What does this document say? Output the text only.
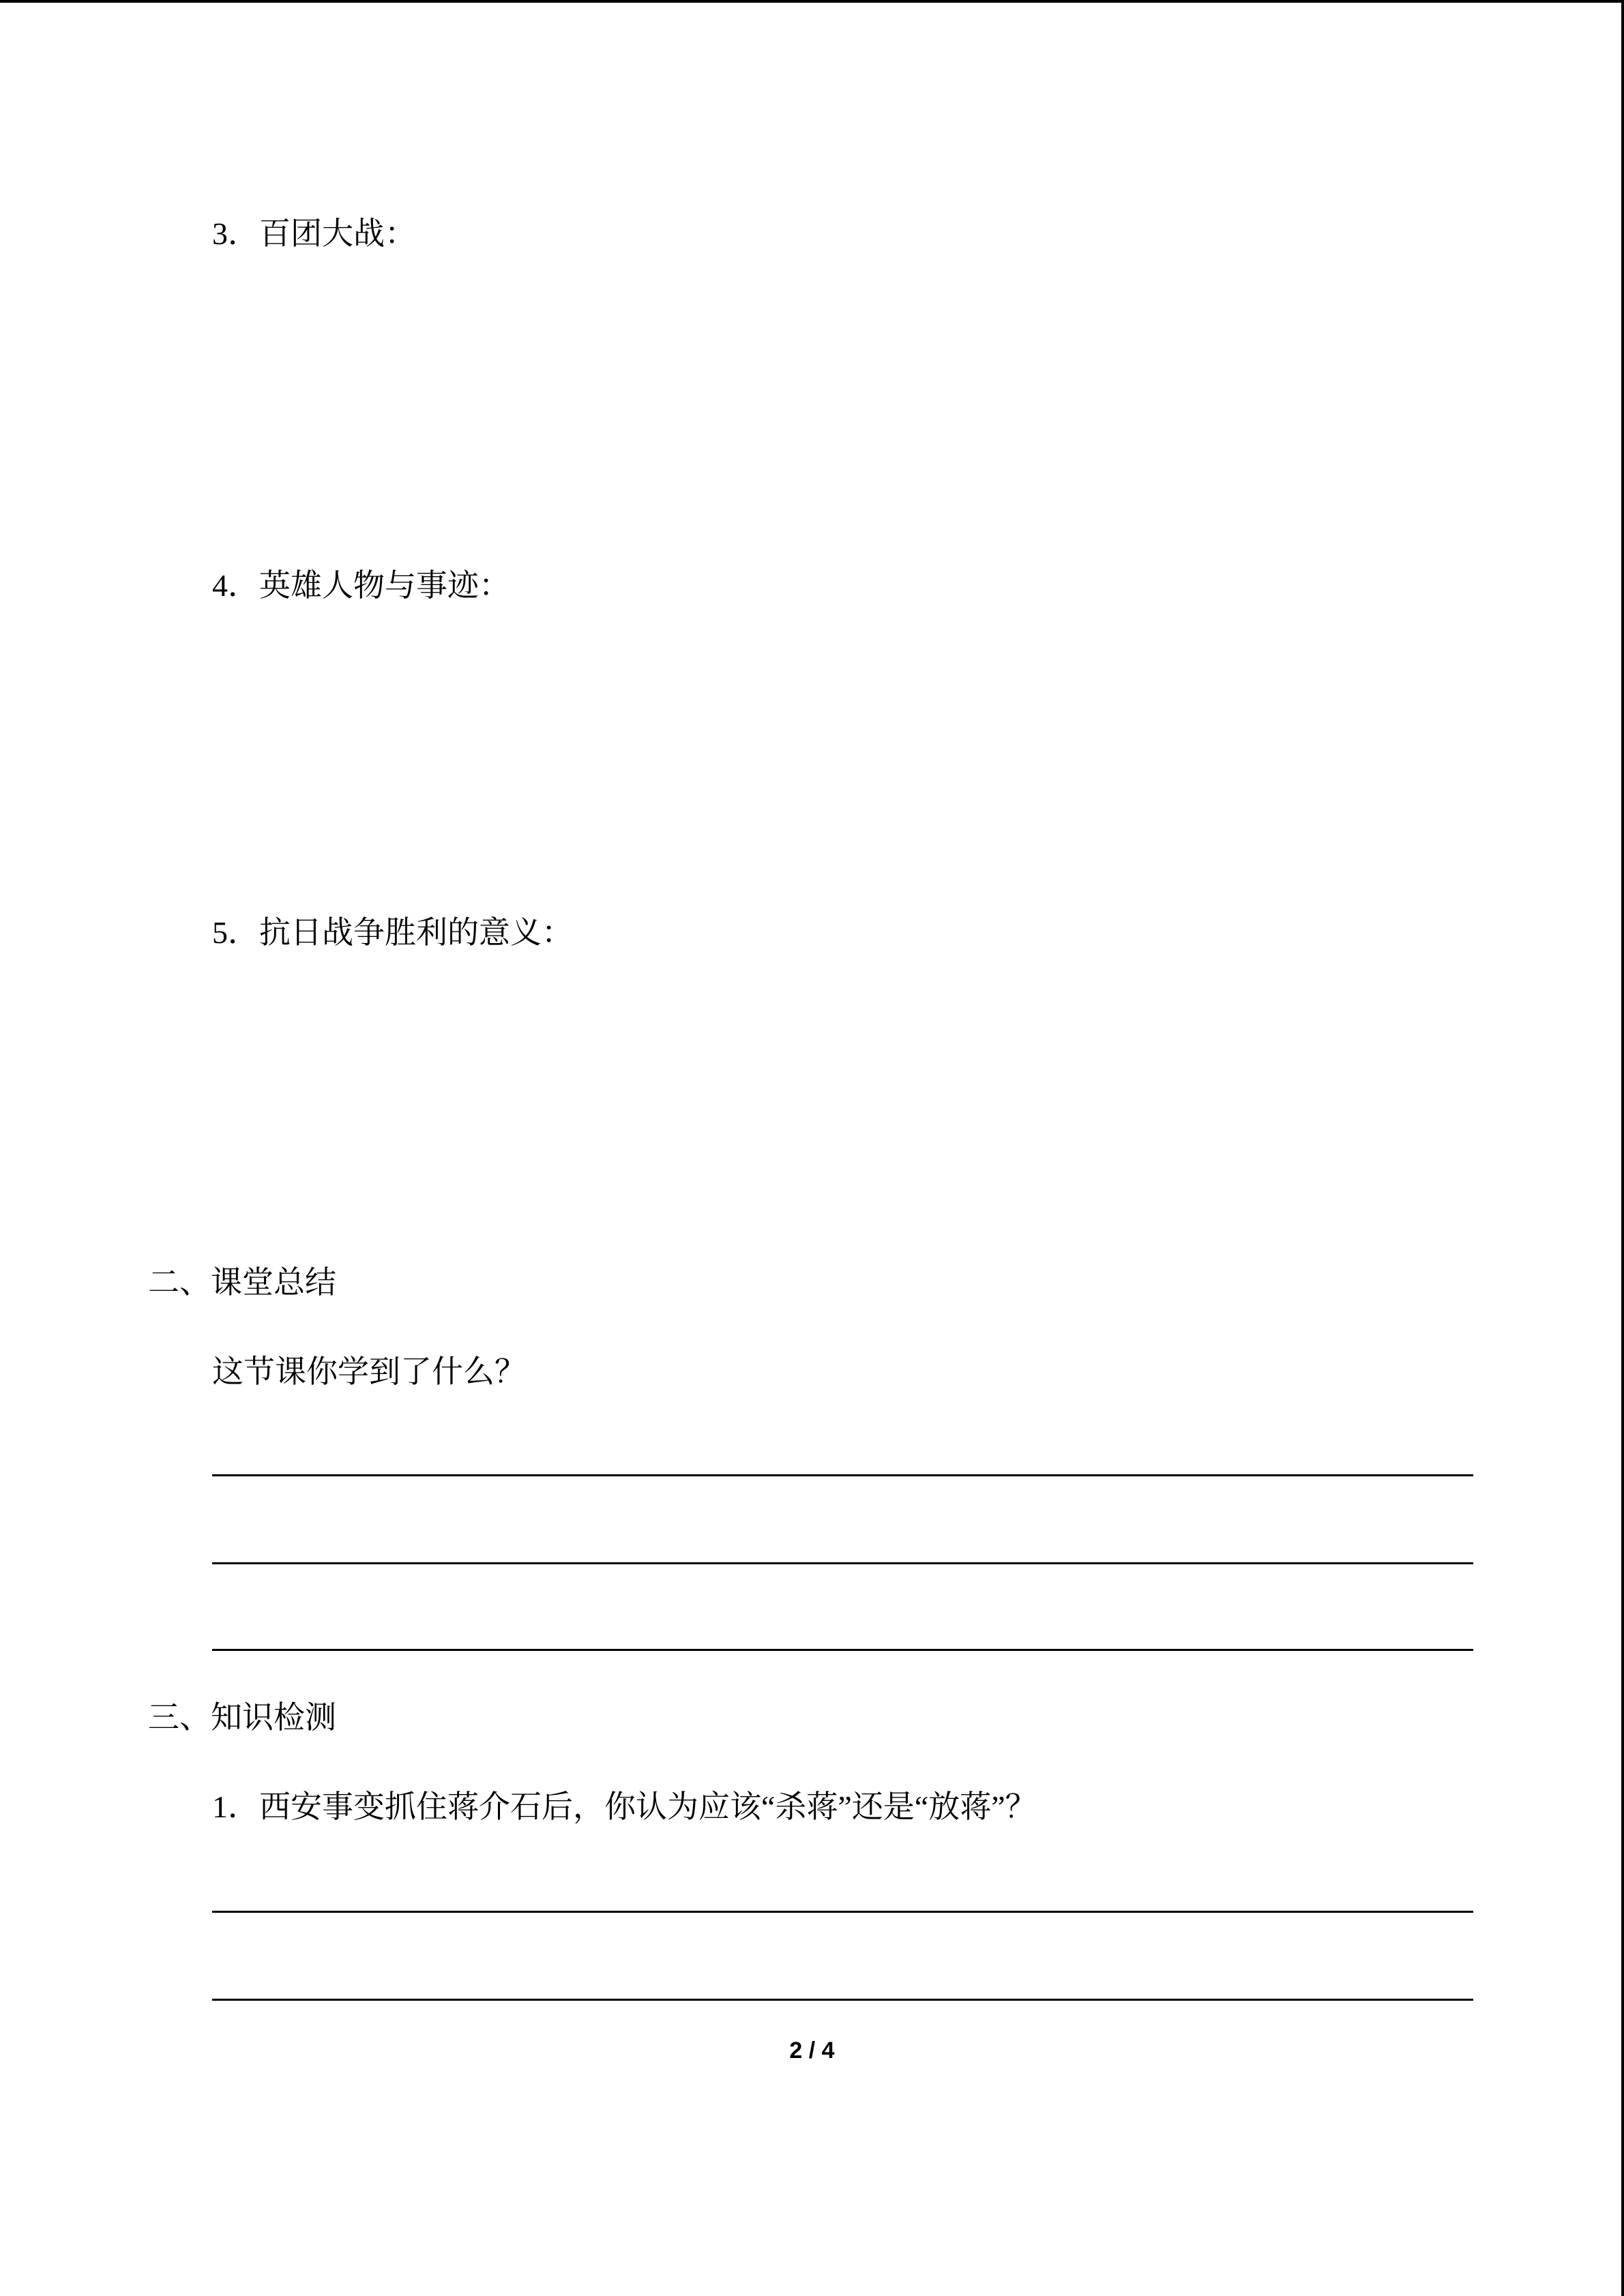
3．百团大战：
4．英雄人物与事迹：
5．抗日战争胜利的意义：
二、课堂总结
这节课你学到了什么？
三、知识检测
1．西安事变抓住蒋介石后，你认为应该“杀蒋”还是“放蒋”？
2 / 4
